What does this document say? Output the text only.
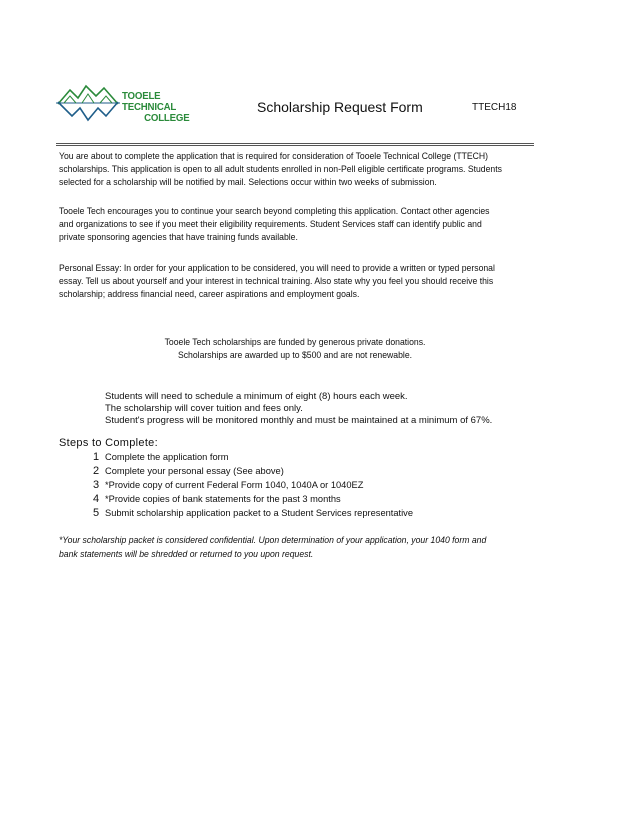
TOOELE TECHNICAL
COLLEGE
Scholarship Request Form	TTECH18
You are about to complete the application that is required for consideration of Tooele Technical College (TTECH) scholarships. This application is open to all adult students enrolled in non-Pell eligible certificate programs. Students selected for a scholarship will be notified by mail. Selections occur within two weeks of submission.
Tooele Tech encourages you to continue your search beyond completing this application. Contact other agencies and organizations to see if you meet their eligibility requirements. Student Services staff can identify public and private sponsoring agencies that have training funds available.
Personal Essay: In order for your application to be considered, you will need to provide a written or typed personal essay. Tell us about yourself and your interest in technical training. Also state why you feel you should receive this scholarship; address financial need, career aspirations and employment goals.
Tooele Tech scholarships are funded by generous private donations.
Scholarships are awarded up to $500 and are not renewable.
Students will need to schedule a minimum of eight (8) hours each week.
The scholarship will cover tuition and fees only.
Student's progress will be monitored monthly and must be maintained at a minimum of 67%.
Steps to Complete:
1 Complete the application form
2 Complete your personal essay (See above)
3 *Provide copy of current Federal Form 1040, 1040A or 1040EZ
4 *Provide copies of bank statements for the past 3 months
5 Submit scholarship application packet to a Student Services representative
*Your scholarship packet is considered confidential. Upon determination of your application, your 1040 form and bank statements will be shredded or returned to you upon request.
